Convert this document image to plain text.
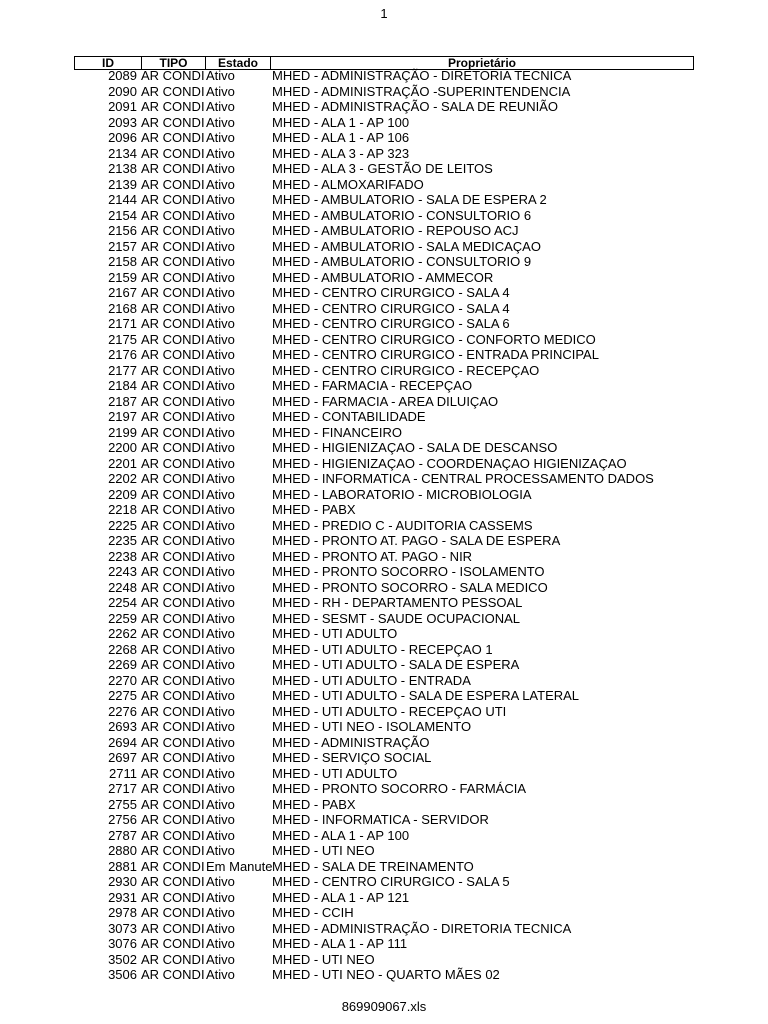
1
ID	TIPO	Estado	Proprietário
2089 AR CONDI Ativo	MHED - ADMINISTRAÇÃO - DIRETORIA TECNICA
2090 AR CONDI Ativo	MHED - ADMINISTRAÇÃO -SUPERINTENDENCIA
2091 AR CONDI Ativo	MHED - ADMINISTRAÇÃO - SALA DE REUNIÃO
2093 AR CONDI Ativo	MHED - ALA 1 - AP 100
2096 AR CONDI Ativo	MHED - ALA 1 - AP 106
2134 AR CONDI Ativo	MHED - ALA 3 - AP 323
2138 AR CONDI Ativo	MHED - ALA 3 - GESTÃO DE LEITOS
2139 AR CONDI Ativo	MHED - ALMOXARIFADO
2144 AR CONDI Ativo	MHED - AMBULATORIO - SALA DE ESPERA 2
2154 AR CONDI Ativo	MHED - AMBULATORIO - CONSULTORIO 6
2156 AR CONDI Ativo	MHED - AMBULATORIO - REPOUSO ACJ
2157 AR CONDI Ativo	MHED - AMBULATORIO - SALA MEDICAÇAO
2158 AR CONDI Ativo	MHED - AMBULATORIO - CONSULTORIO 9
2159 AR CONDI Ativo	MHED - AMBULATORIO - AMMECOR
2167 AR CONDI Ativo	MHED - CENTRO CIRURGICO - SALA 4
2168 AR CONDI Ativo	MHED - CENTRO CIRURGICO - SALA 4
2171 AR CONDI Ativo	MHED - CENTRO CIRURGICO - SALA 6
2175 AR CONDI Ativo	MHED - CENTRO CIRURGICO - CONFORTO MEDICO
2176 AR CONDI Ativo	MHED - CENTRO CIRURGICO - ENTRADA PRINCIPAL
2177 AR CONDI Ativo	MHED - CENTRO CIRURGICO - RECEPÇAO
2184 AR CONDI Ativo	MHED - FARMACIA - RECEPÇAO
2187 AR CONDI Ativo	MHED - FARMACIA - AREA DILUIÇAO
2197 AR CONDI Ativo	MHED - CONTABILIDADE
2199 AR CONDI Ativo	MHED - FINANCEIRO
2200 AR CONDI Ativo	MHED - HIGIENIZAÇAO - SALA DE DESCANSO
2201 AR CONDI Ativo	MHED - HIGIENIZAÇAO - COORDENAÇAO HIGIENIZAÇAO
2202 AR CONDI Ativo	MHED - INFORMATICA - CENTRAL PROCESSAMENTO DADOS
2209 AR CONDI Ativo	MHED - LABORATORIO - MICROBIOLOGIA
2218 AR CONDI Ativo	MHED - PABX
2225 AR CONDI Ativo	MHED - PREDIO C - AUDITORIA CASSEMS
2235 AR CONDI Ativo	MHED - PRONTO AT. PAGO - SALA DE ESPERA
2238 AR CONDI Ativo	MHED - PRONTO AT. PAGO - NIR
2243 AR CONDI Ativo	MHED - PRONTO SOCORRO - ISOLAMENTO
2248 AR CONDI Ativo	MHED - PRONTO SOCORRO - SALA MEDICO
2254 AR CONDI Ativo	MHED - RH - DEPARTAMENTO PESSOAL
2259 AR CONDI Ativo	MHED - SESMT - SAUDE OCUPACIONAL
2262 AR CONDI Ativo	MHED - UTI ADULTO
2268 AR CONDI Ativo	MHED - UTI ADULTO - RECEPÇAO 1
2269 AR CONDI Ativo	MHED - UTI ADULTO - SALA DE ESPERA
2270 AR CONDI Ativo	MHED - UTI ADULTO - ENTRADA
2275 AR CONDI Ativo	MHED - UTI ADULTO - SALA DE ESPERA LATERAL
2276 AR CONDI Ativo	MHED - UTI ADULTO - RECEPÇAO UTI
2693 AR CONDI Ativo	MHED - UTI NEO - ISOLAMENTO
2694 AR CONDI Ativo	MHED - ADMINISTRAÇÃO
2697 AR CONDI Ativo	MHED - SERVIÇO SOCIAL
2711 AR CONDI Ativo	MHED - UTI ADULTO
2717 AR CONDI Ativo	MHED - PRONTO SOCORRO - FARMÁCIA
2755 AR CONDI Ativo	MHED - PABX
2756 AR CONDI Ativo	MHED - INFORMATICA - SERVIDOR
2787 AR CONDI Ativo	MHED - ALA 1 - AP 100
2880 AR CONDI Ativo	MHED - UTI NEO
2881 AR CONDI Em Manute MHED - SALA DE TREINAMENTO
2930 AR CONDI Ativo	MHED - CENTRO CIRURGICO - SALA 5
2931 AR CONDI Ativo	MHED - ALA 1 - AP 121
2978 AR CONDI Ativo	MHED - CCIH
3073 AR CONDI Ativo	MHED - ADMINISTRAÇÃO - DIRETORIA TECNICA
3076 AR CONDI Ativo	MHED - ALA 1 - AP 111
3502 AR CONDI Ativo	MHED - UTI NEO
3506 AR CONDI Ativo	MHED - UTI NEO - QUARTO MÃES 02
869909067.xls
